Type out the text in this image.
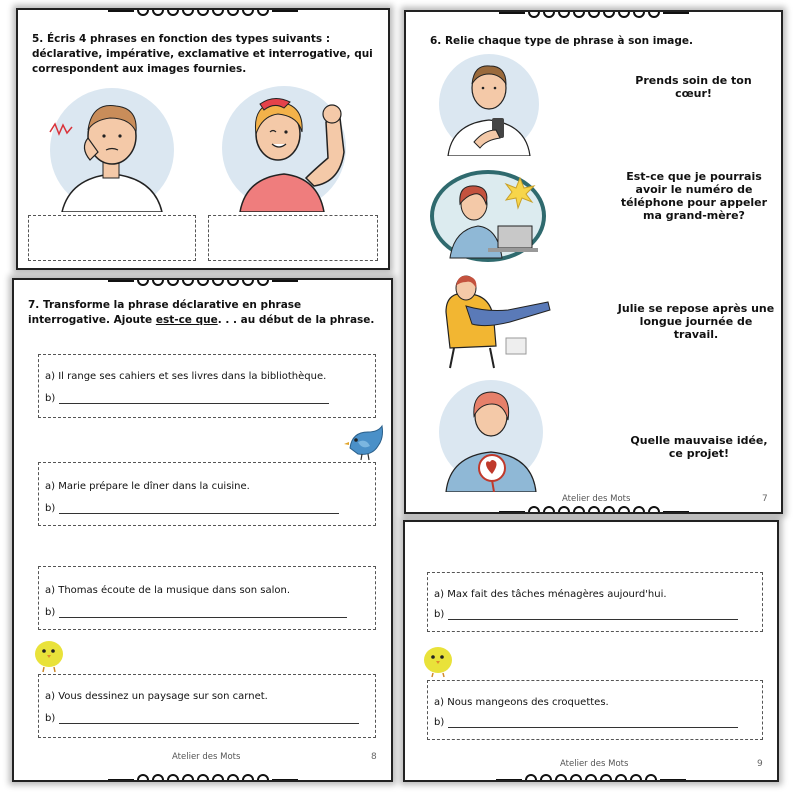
a) Max fait des tâches ménagères aujourd'hui.
b)
a) Nous mangeons des croquettes.
b)
Atelier des Mots	9
5. Écris 4 phrases en fonction des types suivants : déclarative, impérative, exclamative et interrogative, qui correspondent aux images fournies.
7. Transforme la phrase déclarative en phrase interrogative. Ajoute est-ce que. . . au début de la phrase.
a) Il range ses cahiers et ses livres dans la bibliothèque.
b)
a) Marie prépare le dîner dans la cuisine.
b)
a) Thomas écoute de la musique dans son salon.
b)
a) Vous dessinez un paysage sur son carnet.
b)
Atelier des Mots	8
6. Relie chaque type de phrase à son image.
Prends soin de ton cœur!
Est-ce que je pourrais avoir le numéro de téléphone pour appeler ma grand-mère?
Julie se repose après une longue journée de travail.
Quelle mauvaise idée, ce projet!
Atelier des Mots	7
